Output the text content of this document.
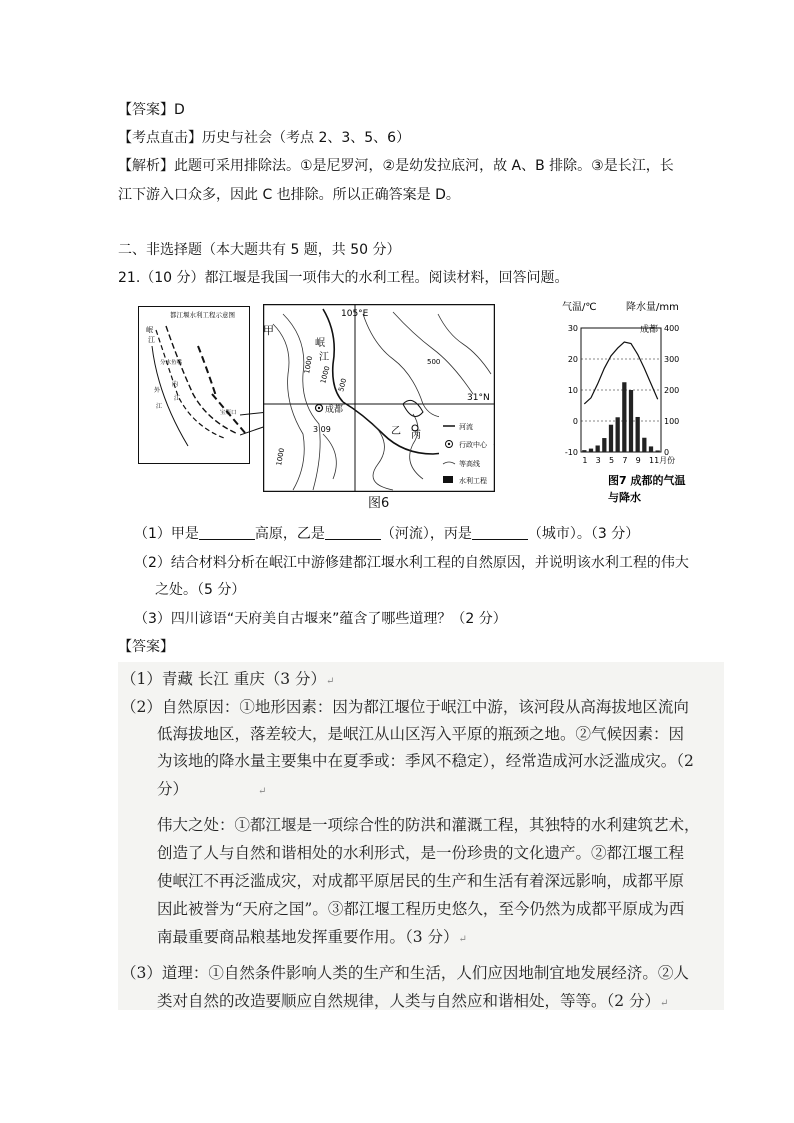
【答案】D
【考点直击】历史与社会（考点 2、3、5、6）
【解析】此题可采用排除法。①是尼罗河，②是幼发拉底河，故 A、B 排除。③是长江，长
江下游入口众多，因此 C 也排除。所以正确答案是 D。
二、非选择题（本大题共有 5 题，共 50 分）
21.（10 分）都江堰是我国一项伟大的水利工程。阅读材料，回答问题。
都江堰水利工程示意图
岷
江
分水鱼嘴
内
外
江
江
宝瓶口
甲
乙 丙
岷
江
成都
105°E
31°N
1000
1000
500
500
3 09
1000
河流
行政中心
等高线
水利工程
图6
气温/℃	降水量/mm
成都
30	400
20	300
10	200
0	100
-10	0
1 3 5 7 9 11月份
图7 成都的气温
与降水
（1）甲是	高原，乙是	（河流），丙是	（城市）。（3 分）
（2）结合材料分析在岷江中游修建都江堰水利工程的自然原因，并说明该水利工程的伟大
之处。（5 分）
（3）四川谚语“天府美自古堰来”蕴含了哪些道理？（2 分）
【答案】
（1）青藏 长江 重庆（3 分）↵
（2）自然原因：①地形因素：因为都江堰位于岷江中游，该河段从高海拔地区流向
低海拔地区，落差较大，是岷江从山区泻入平原的瓶颈之地。②气候因素：因
为该地的降水量主要集中在夏季或：季风不稳定），经常造成河水泛滥成灾。（2
分）	↵
伟大之处：①都江堰是一项综合性的防洪和灌溉工程，其独特的水利建筑艺术，
创造了人与自然和谐相处的水利形式，是一份珍贵的文化遗产。②都江堰工程
使岷江不再泛滥成灾，对成都平原居民的生产和生活有着深远影响，成都平原
因此被誉为“天府之国”。③都江堰工程历史悠久，至今仍然为成都平原成为西
南最重要商品粮基地发挥重要作用。（3 分）↵
（3）道理：①自然条件影响人类的生产和生活，人们应因地制宜地发展经济。②人
类对自然的改造要顺应自然规律，人类与自然应和谐相处，等等。（2 分）↵
